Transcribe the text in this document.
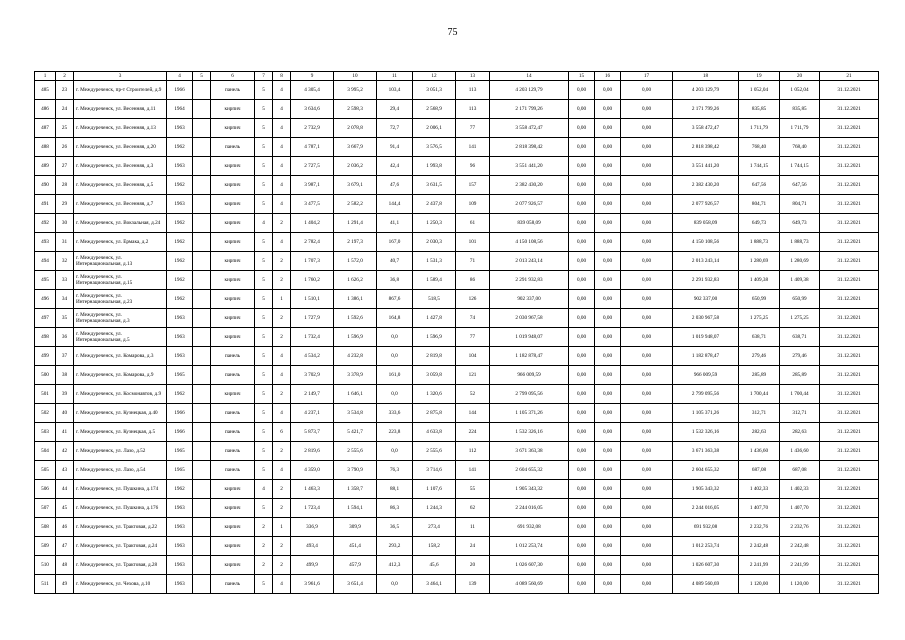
75
1	2	3	4	5	6	7	8	9	10	11	12	13	14	15	16	17	18	19	20	21
485	23	г. Междуреченск, пр-т Строителей, д.9	1966		панель	5	4	4 305,4	3 995,2	103,4	3 051,3	113	4 203 129,79	0,00	0,00	0,00	4 203 129,79	1 052,04	1 052,04	31.12.2021
486	24	г. Междуреченск, ул. Весенняя, д.11	1964		кирпич	5	4	3 634,6	2 598,3	29,4	2 568,9	113	2 171 799,26	0,00	0,00	0,00	2 171 799,26	835,85	835,85	31.12.2021
487	25	г. Междуреченск, ул. Весенняя, д.13	1963		кирпич	5	4	2 732,9	2 078,8	72,7	2 006,1	77	3 558 472,47	0,00	0,00	0,00	3 558 472,47	1 711,79	1 711,79	31.12.2021
488	26	г. Междуреченск, ул. Весенняя, д.20	1962		панель	5	4	4 787,1	3 667,9	91,4	3 576,5	141	2 818 398,42	0,00	0,00	0,00	2 818 398,42	768,40	768,40	31.12.2021
489	27	г. Междуреченск, ул. Весенняя, д.3	1963		кирпич	5	4	2 727,5	2 036,2	42,4	1 993,8	96	3 551 441,20	0,00	0,00	0,00	3 551 441,20	1 744,15	1 744,15	31.12.2021
490	28	г. Междуреченск, ул. Весенняя, д.5	1962		кирпич	5	4	3 987,1	3 679,1	47,6	3 631,5	157	2 382 430,20	0,00	0,00	0,00	2 382 430,20	647,56	647,56	31.12.2021
491	29	г. Междуреченск, ул. Весенняя, д.7	1963		кирпич	5	4	3 477,5	2 582,2	144,4	2 437,8	109	2 077 926,57	0,00	0,00	0,00	2 077 926,57	804,71	804,71	31.12.2021
492	30	г. Междуреченск, ул. Вокзальная, д.24	1962		кирпич	4	2	1 404,2	1 291,4	41,1	1 250,3	61	839 058,09	0,00	0,00	0,00	839 058,09	649,73	649,73	31.12.2021
493	31	г. Междуреченск, ул. Ермака, д.2	1962		кирпич	5	4	2 782,4	2 197,3	167,0	2 030,3	101	4 150 108,56	0,00	0,00	0,00	4 150 108,56	1 888,73	1 888,73	31.12.2021
494	32	г. Междуреченск, ул. Интернациональная, д.13	1962		кирпич	5	2	1 707,3	1 572,0	40,7	1 531,3	71	2 013 243,14	0,00	0,00	0,00	2 013 243,14	1 280,69	1 280,69	31.12.2021
495	33	г. Междуреченск, ул. Интернациональная, д.15	1962		кирпич	5	2	1 760,2	1 626,2	36,8	1 589,4	86	2 291 932,83	0,00	0,00	0,00	2 291 932,83	1 409,38	1 409,38	31.12.2021
496	34	г. Междуреченск, ул. Интернациональная, д.23	1962		кирпич	5	1	1 510,1	1 386,1	867,6	518,5	126	902 337,00	0,00	0,00	0,00	902 337,00	650,99	650,99	31.12.2021
497	35	г. Междуреченск, ул. Интернациональная, д.3	1963		кирпич	5	2	1 727,9	1 592,6	164,8	1 427,8	74	2 030 967,58	0,00	0,00	0,00	2 030 967,58	1 275,25	1 275,25	31.12.2021
498	36	г. Междуреченск, ул. Интернациональная, д.5	1963		кирпич	5	2	1 732,4	1 596,9	0,0	1 596,9	77	1 019 948,07	0,00	0,00	0,00	1 019 948,07	638,71	638,71	31.12.2021
499	37	г. Междуреченск, ул. Комарова, д.3	1963		панель	5	4	4 534,2	4 232,8	0,0	2 819,8	104	1 182 878,47	0,00	0,00	0,00	1 182 878,47	279,46	279,46	31.12.2021
500	38	г. Междуреченск, ул. Комарова, д.9	1965		панель	5	4	3 702,9	3 378,9	161,0	3 059,8	121	966 009,59	0,00	0,00	0,00	966 009,59	285,89	285,89	31.12.2021
501	39	г. Междуреченск, ул. Космонавтов, д.9	1962		кирпич	5	2	2 149,7	1 646,1	0,0	1 320,6	52	2 799 095,56	0,00	0,00	0,00	2 799 095,56	1 700,44	1 700,44	31.12.2021
502	40	г. Междуреченск, ул. Кузнецкая, д.40	1966		панель	5	4	4 237,1	3 534,8	333,6	2 875,8	144	1 105 371,26	0,00	0,00	0,00	1 105 371,26	312,71	312,71	31.12.2021
503	41	г. Междуреченск, ул. Кузнецкая, д.5	1966		панель	5	6	5 873,7	5 421,7	223,8	4 633,8	224	1 532 326,16	0,00	0,00	0,00	1 532 326,16	282,63	282,63	31.12.2021
504	42	г. Междуреченск, ул. Лазо, д.52	1965		панель	5	2	2 819,6	2 555,6	0,0	2 555,6	112	3 671 363,38	0,00	0,00	0,00	3 671 363,38	1 436,60	1 436,60	31.12.2021
505	43	г. Междуреченск, ул. Лазо, д.54	1965		панель	5	4	4 359,0	3 790,9	76,3	3 714,6	141	2 604 655,32	0,00	0,00	0,00	2 604 655,32	687,08	687,08	31.12.2021
506	44	г. Междуреченск, ул. Пушкина, д.174	1962		кирпич	4	2	1 463,3	1 358,7	88,1	1 107,6	55	1 905 343,32	0,00	0,00	0,00	1 905 343,32	1 402,33	1 402,33	31.12.2021
507	45	г. Междуреченск, ул. Пушкина, д.176	1963		кирпич	5	2	1 723,4	1 594,1	86,3	1 244,3	62	2 244 016,05	0,00	0,00	0,00	2 244 016,05	1 407,70	1 407,70	31.12.2021
508	46	г. Междуреченск, ул. Трактовая, д.22	1963		кирпич	2	1	336,9	309,9	36,5	273,4	11	691 932,08	0,00	0,00	0,00	691 932,08	2 232,76	2 232,76	31.12.2021
509	47	г. Междуреченск, ул. Трактовая, д.24	1963		кирпич	2	2	493,4	451,4	293,2	158,2	24	1 012 253,74	0,00	0,00	0,00	1 012 253,74	2 242,48	2 242,48	31.12.2021
510	48	г. Междуреченск, ул. Трактовая, д.28	1963		кирпич	2	2	499,9	457,9	412,3	45,6	20	1 026 607,30	0,00	0,00	0,00	1 026 607,30	2 241,99	2 241,99	31.12.2021
511	49	г. Междуреченск, ул. Чехова, д.10	1963		панель	5	4	3 961,6	3 651,4	0,0	3 464,1	139	4 089 560,69	0,00	0,00	0,00	4 089 560,69	1 120,00	1 120,00	31.12.2021
